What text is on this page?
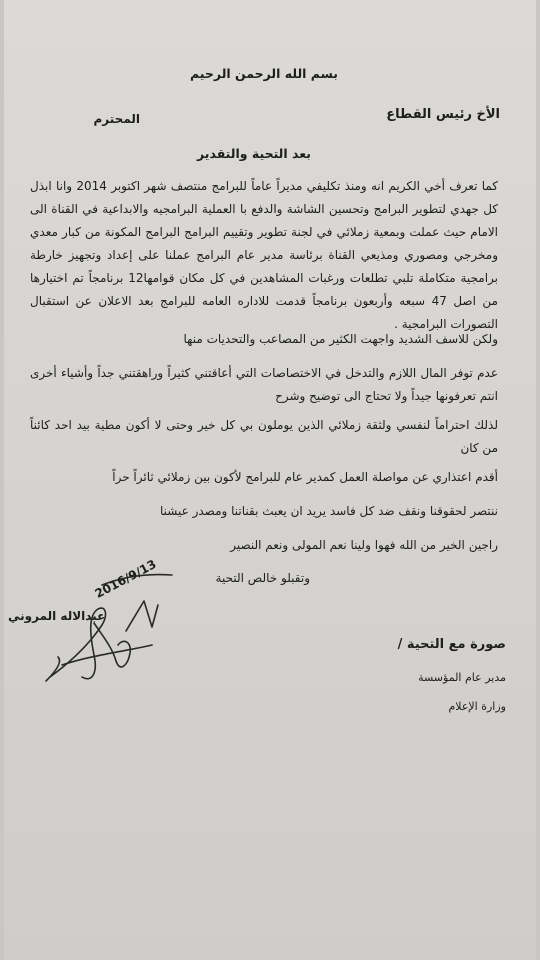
بسم الله الرحمن الرحيم
الأخ رئيس القطاع
المحترم
بعد التحية والتقدير

كما تعرف أخي الكريم انه ومنذ تكليفي مديراً عاماً للبرامج منتصف شهر اكتوبر 2014 وانا ابذل كل جهدي لتطوير البرامج وتحسين الشاشة والدفع با العملية البرامجيه والابداعية في القناة الى الامام حيث عملت وبمعية زملائي في لجنة تطوير وتقييم البرامج البرامج المكونة من كبار معدي ومخرجي ومصوري ومذيعي القناة برئاسة مدير عام البرامج عملنا على إعداد وتجهيز خارطة برامجية متكاملة تلبي تطلعات ورغبات المشاهدين في كل مكان قوامها12 برنامجاً تم اختيارها من اصل 47 سبعه وأربعون برنامجاً قدمت للاداره العامه للبرامج بعد الاعلان عن استقبال التصورات البرامجية .

ولكن للاسف الشديد واجهت الكثير من المصاعب والتحديات منها

عدم توفر المال اللازم والتدخل في الاختصاصات التي أعاقتني كثيراً وراهقتني جداً وأشياء أخرى انتم تعرفونها جيداً ولا تحتاج الى توضيح وشرح

لذلك احتراماً لنفسي ولثقة زملائي الذين يوملون بي كل خير وحتى لا أكون مطية بيد احد كائناً من كان

أقدم اعتذاري عن مواصلة العمل كمدير عام للبرامج لأكون بين زملائي ثائراً حراً

ننتصر لحقوقنا ونقف ضد كل فاسد يريد ان يعبث بقناتنا ومصدر عيشنا

راجين الخير من الله فهوا ولينا نعم المولى ونعم النصير

وتقبلو خالص التحية
2016/9/13
عبدالاله المروني
صورة مع التحية /
مدير عام المؤسسة
وزارة الإعلام
